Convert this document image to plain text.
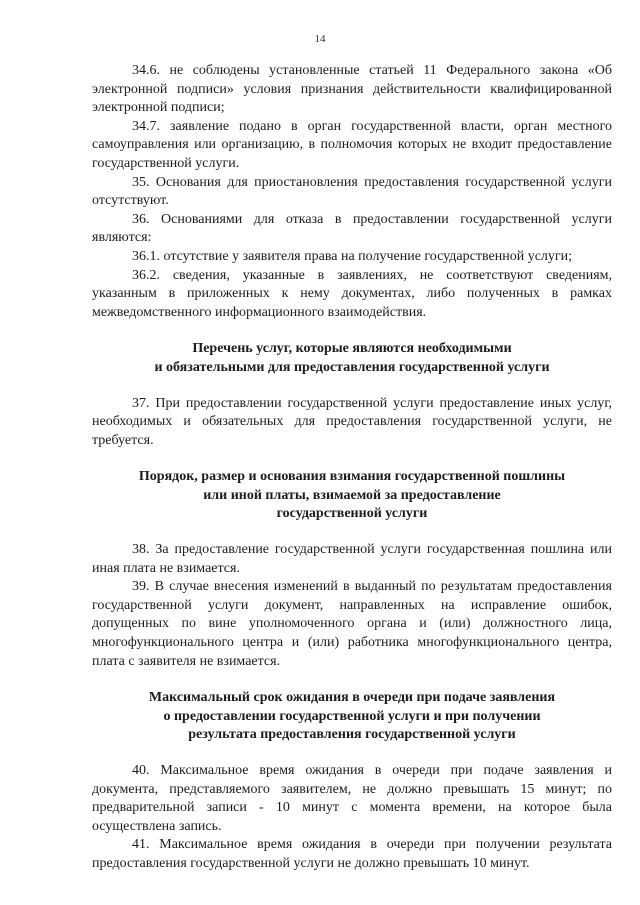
14

34.6. не соблюдены установленные статьей 11 Федерального закона «Об электронной подписи» условия признания действительности квалифицированной электронной подписи;

34.7. заявление подано в орган государственной власти, орган местного самоуправления или организацию, в полномочия которых не входит предоставление государственной услуги.

35. Основания для приостановления предоставления государственной услуги отсутствуют.

36. Основаниями для отказа в предоставлении государственной услуги являются:

36.1. отсутствие у заявителя права на получение государственной услуги;

36.2. сведения, указанные в заявлениях, не соответствуют сведениям, указанным в приложенных к нему документах, либо полученных в рамках межведомственного информационного взаимодействия.

Перечень услуг, которые являются необходимыми
и обязательными для предоставления государственной услуги

37. При предоставлении государственной услуги предоставление иных услуг, необходимых и обязательных для предоставления государственной услуги, не требуется.

Порядок, размер и основания взимания государственной пошлины
или иной платы, взимаемой за предоставление
государственной услуги

38. За предоставление государственной услуги государственная пошлина или иная плата не взимается.

39. В случае внесения изменений в выданный по результатам предоставления государственной услуги документ, направленных на исправление ошибок, допущенных по вине уполномоченного органа и (или) должностного лица, многофункционального центра и (или) работника многофункционального центра, плата с заявителя не взимается.

Максимальный срок ожидания в очереди при подаче заявления
о предоставлении государственной услуги и при получении
результата предоставления государственной услуги

40. Максимальное время ожидания в очереди при подаче заявления и документа, представляемого заявителем, не должно превышать 15 минут; по предварительной записи - 10 минут с момента времени, на которое была осуществлена запись.

41. Максимальное время ожидания в очереди при получении результата предоставления государственной услуги не должно превышать 10 минут.
